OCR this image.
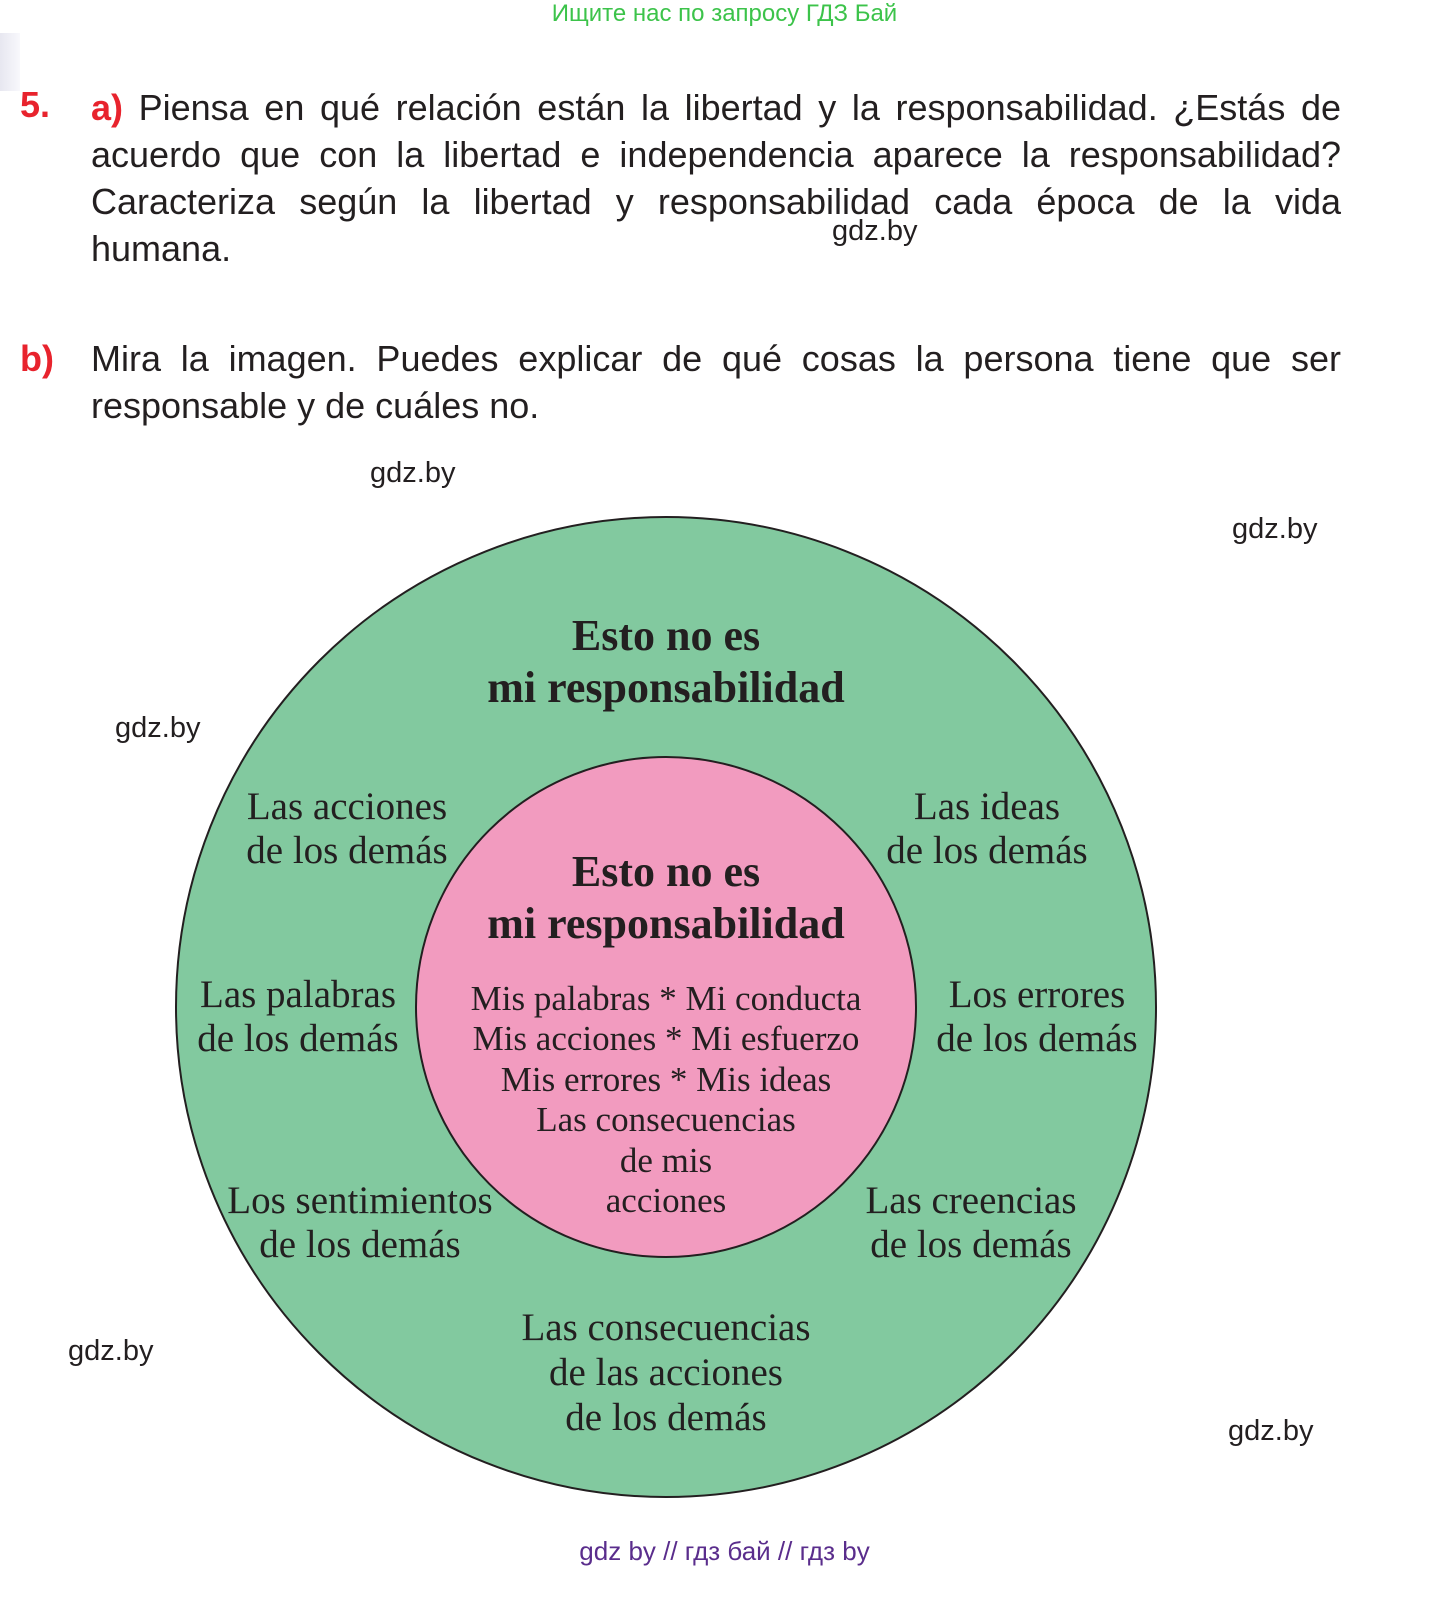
Ищите нас по запросу ГДЗ Бай
5. a) Piensa en qué relación están la libertad y la responsabilidad. ¿Estás de acuerdo que con la libertad e independencia aparece la responsabilidad? Caracteriza según la libertad y responsabilidad cada época de la vida humana.
b) Mira la imagen. Puedes explicar de qué cosas la persona tiene que ser responsable y de cuáles no.
gdz.by
gdz.by
gdz.by
gdz.by
gdz.by
gdz.by
Esto no es
mi responsabilidad
Esto no es
mi responsabilidad
Mis palabras * Mi conducta
Mis acciones * Mi esfuerzo
Mis errores * Mis ideas
Las consecuencias
de mis
acciones
Las acciones
de los demás
Las ideas
de los demás
Las palabras
de los demás
Los errores
de los demás
Los sentimientos
de los demás
Las creencias
de los demás
Las consecuencias
de las acciones
de los demás
gdz by // гдз бай // гдз by
